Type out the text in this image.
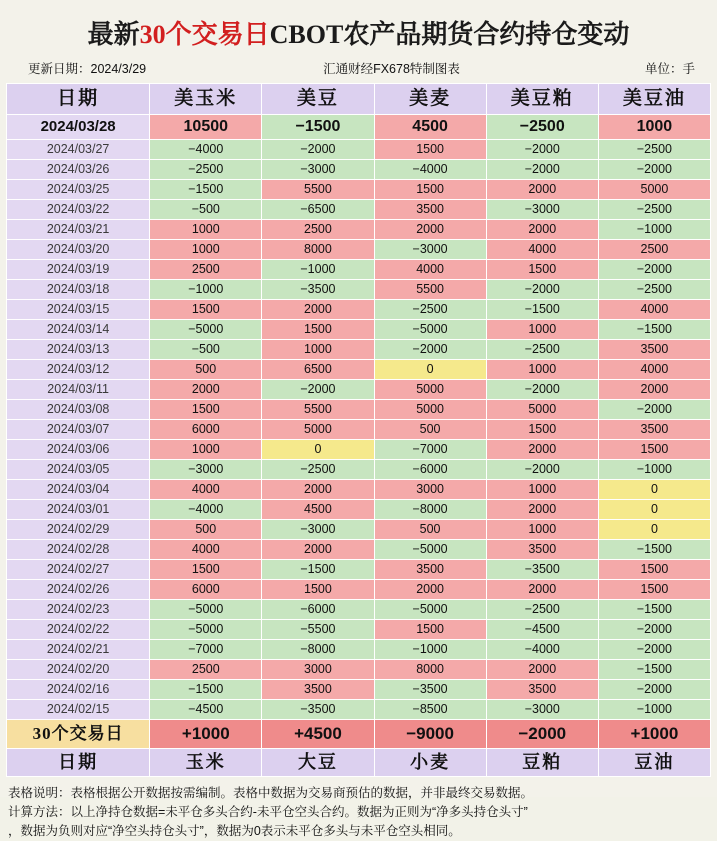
最新30个交易日CBOT农产品期货合约持仓变动
更新日期：2024/3/29	汇通财经FX678特制图表	单位：手
日期	美玉米	美豆	美麦	美豆粕	美豆油
2024/03/28	10500	−1500	4500	−2500	1000
2024/03/27	−4000	−2000	1500	−2000	−2500
2024/03/26	−2500	−3000	−4000	−2000	−2000
2024/03/25	−1500	5500	1500	2000	5000
2024/03/22	−500	−6500	3500	−3000	−2500
2024/03/21	1000	2500	2000	2000	−1000
2024/03/20	1000	8000	−3000	4000	2500
2024/03/19	2500	−1000	4000	1500	−2000
2024/03/18	−1000	−3500	5500	−2000	−2500
2024/03/15	1500	2000	−2500	−1500	4000
2024/03/14	−5000	1500	−5000	1000	−1500
2024/03/13	−500	1000	−2000	−2500	3500
2024/03/12	500	6500	0	1000	4000
2024/03/11	2000	−2000	5000	−2000	2000
2024/03/08	1500	5500	5000	5000	−2000
2024/03/07	6000	5000	500	1500	3500
2024/03/06	1000	0	−7000	2000	1500
2024/03/05	−3000	−2500	−6000	−2000	−1000
2024/03/04	4000	2000	3000	1000	0
2024/03/01	−4000	4500	−8000	2000	0
2024/02/29	500	−3000	500	1000	0
2024/02/28	4000	2000	−5000	3500	−1500
2024/02/27	1500	−1500	3500	−3500	1500
2024/02/26	6000	1500	2000	2000	1500
2024/02/23	−5000	−6000	−5000	−2500	−1500
2024/02/22	−5000	−5500	1500	−4500	−2000
2024/02/21	−7000	−8000	−1000	−4000	−2000
2024/02/20	2500	3000	8000	2000	−1500
2024/02/16	−1500	3500	−3500	3500	−2000
2024/02/15	−4500	−3500	−8500	−3000	−1000
30个交易日	+1000	+4500	−9000	−2000	+1000
日期	玉米	大豆	小麦	豆粕	豆油
表格说明：表格根据公开数据按需编制。表格中数据为交易商预估的数据，并非最终交易数据。
计算方法：以上净持仓数据=未平仓多头合约-未平仓空头合约。数据为正则为“净多头持仓头寸”
，数据为负则对应“净空头持仓头寸”，数据为0表示未平仓多头与未平仓空头相同。
